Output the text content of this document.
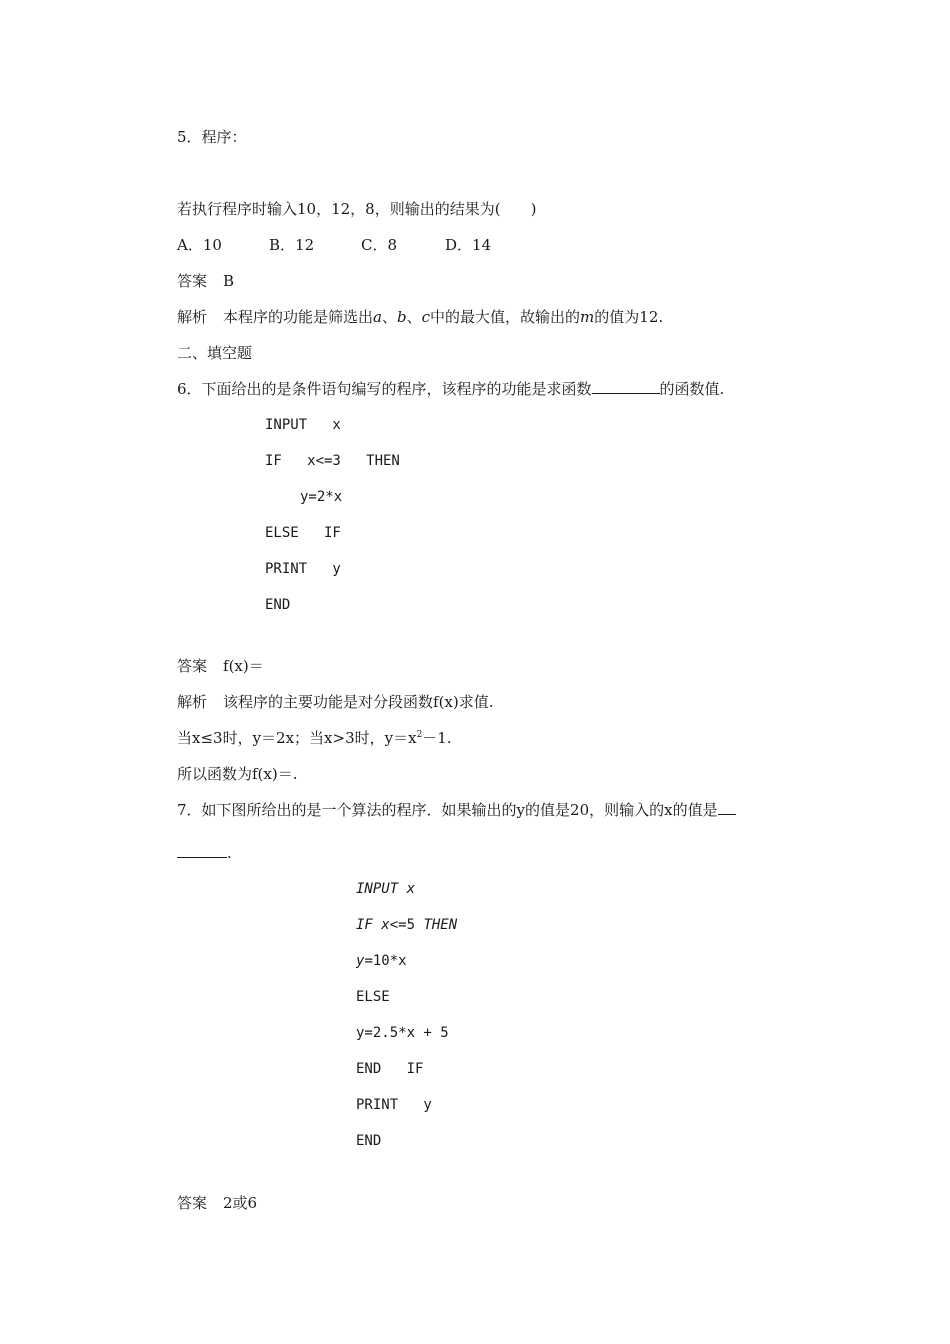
5．程序：

若执行程序时输入10，12，8，则输出的结果为(　　)

A．10	B．12	C．8	D．14

答案 B

解析 本程序的功能是筛选出a、b、c中的最大值，故输出的m的值为12.

二、填空题

6．下面给出的是条件语句编写的程序，该程序的功能是求函数	的函数值.

INPUT   x

IF   x<=3   THEN

y=2*x

ELSE   IF

PRINT   y

END

答案 f(x)＝

解析 该程序的主要功能是对分段函数f(x)求值.

当x≤3时，y＝2x；当x>3时，$y=x^2-1$.

所以函数为f(x)＝.

7．如下图所给出的是一个算法的程序．如果输出的y的值是20，则输入的x的值是

.

INPUT x

IF x<=5 THEN

y=10*x

ELSE

y=2.5*x + 5

END   IF

PRINT   y

END

答案 2或6
